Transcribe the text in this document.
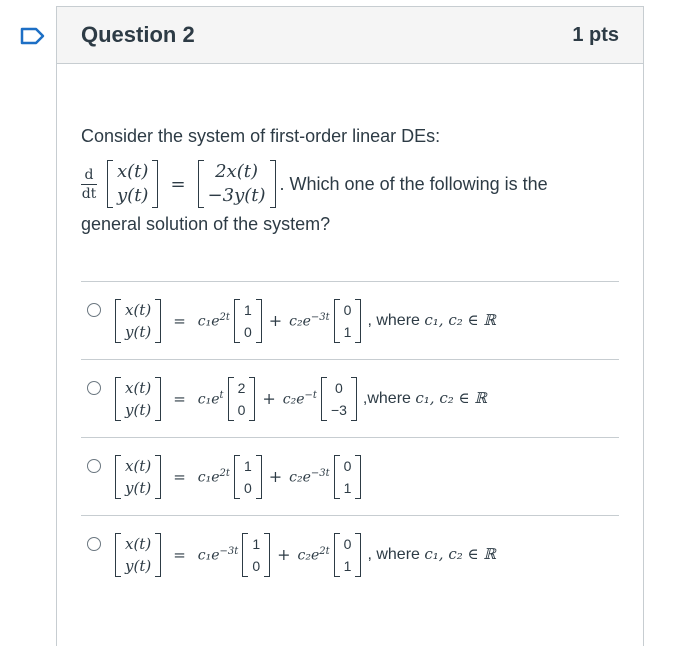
Question 2	1 pts
Consider the system of first-order linear DEs:
$\frac{d}{dt} x(t)$
y(t)
=
2x(t)
−3y(t)
. Which one of the following is the
general solution of the system?
x(t)
y(t)
= $c_1e^{2t}$ 1
0
+ $c_2e^{-3t}$ 0
1
, where c₁, c₂ ∈ ℝ
x(t)
y(t)
= $c_1e^t$ 2
0
+ $c_2e^{-t}$ 0
−3
,where c₁, c₂ ∈ ℝ
x(t)
y(t)
= $c_1e^{2t}$ 1
0
+ $c_2e^{-3t}$ 0
1
x(t)
y(t)
= $c_1e^{-3t}$ 1
0
+ $c_2e^{2t}$ 0
1
, where c₁, c₂ ∈ ℝ
